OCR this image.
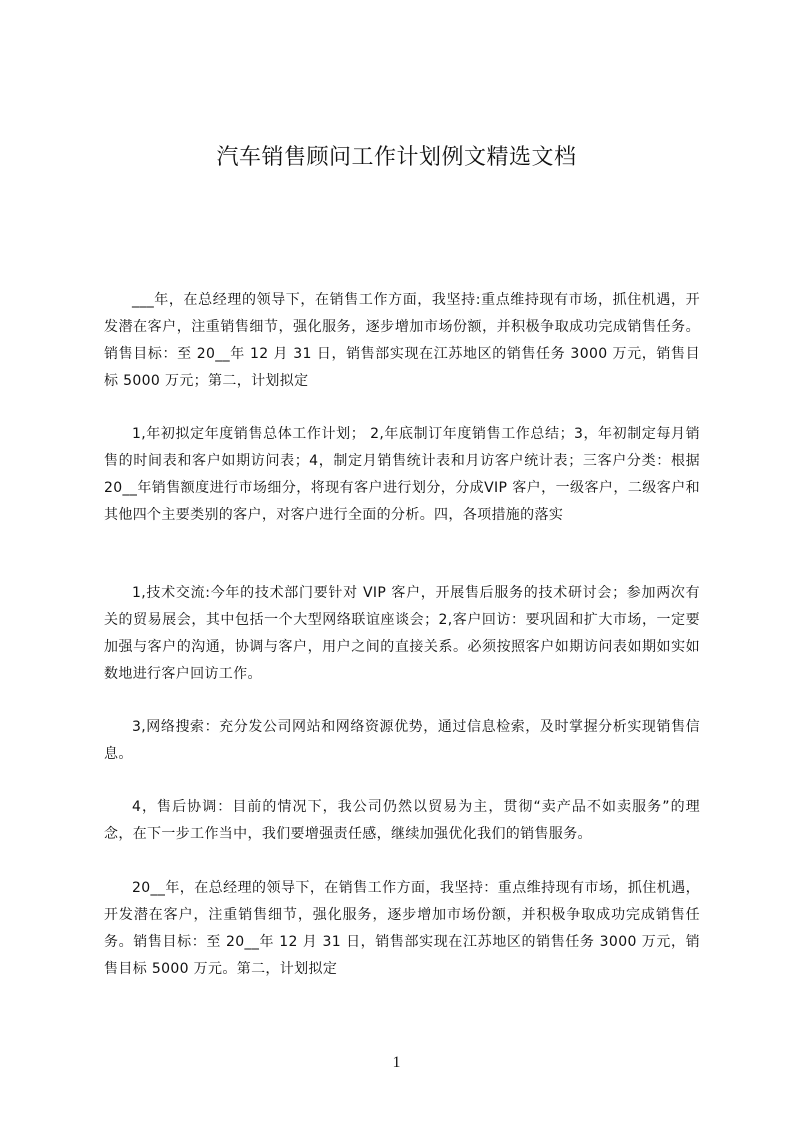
汽车销售顾问工作计划例文精选文档

___年，在总经理的领导下，在销售工作方面，我坚持:重点维持现有市场，抓住机遇，开发潜在客户，注重销售细节，强化服务，逐步增加市场份额，并积极争取成功完成销售任务。销售目标：至 20__年 12 月 31 日，销售部实现在江苏地区的销售任务 3000 万元，销售目标 5000 万元；第二，计划拟定

1,年初拟定年度销售总体工作计划； 2,年底制订年度销售工作总结；3，年初制定每月销售的时间表和客户如期访问表；4，制定月销售统计表和月访客户统计表；三客户分类：根据 20__年销售额度进行市场细分，将现有客户进行划分，分成VIP 客户，一级客户，二级客户和其他四个主要类别的客户，对客户进行全面的分析。四，各项措施的落实

1,技术交流:今年的技术部门要针对 VIP 客户，开展售后服务的技术研讨会；参加两次有关的贸易展会，其中包括一个大型网络联谊座谈会；2,客户回访：要巩固和扩大市场，一定要加强与客户的沟通，协调与客户，用户之间的直接关系。必须按照客户如期访问表如期如实如数地进行客户回访工作。

3,网络搜索：充分发公司网站和网络资源优势，通过信息检索，及时掌握分析实现销售信息。

4，售后协调：目前的情况下，我公司仍然以贸易为主，贯彻“卖产品不如卖服务”的理念，在下一步工作当中，我们要增强责任感，继续加强优化我们的销售服务。

20__年，在总经理的领导下，在销售工作方面，我坚持：重点维持现有市场，抓住机遇，开发潜在客户，注重销售细节，强化服务，逐步增加市场份额，并积极争取成功完成销售任务。销售目标：至 20__年 12 月 31 日，销售部实现在江苏地区的销售任务 3000 万元，销售目标 5000 万元。第二，计划拟定

1
